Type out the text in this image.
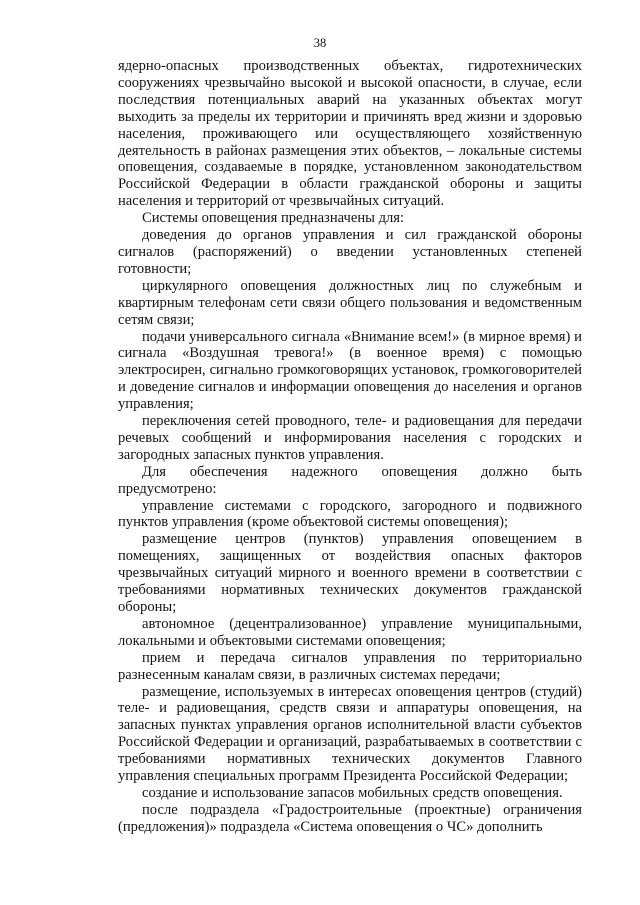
38

ядерно-опасных производственных объектах, гидротехнических сооружениях чрезвычайно высокой и высокой опасности, в случае, если последствия потенциальных аварий на указанных объектах могут выходить за пределы их территории и причинять вред жизни и здоровью населения, проживающего или осуществляющего хозяйственную деятельность в районах размещения этих объектов, – локальные системы оповещения, создаваемые в порядке, установленном законодательством Российской Федерации в области гражданской обороны и защиты населения и территорий от чрезвычайных ситуаций.

Системы оповещения предназначены для:

доведения до органов управления и сил гражданской обороны сигналов (распоряжений) о введении установленных степеней готовности;

циркулярного оповещения должностных лиц по служебным и квартирным телефонам сети связи общего пользования и ведомственным сетям связи;

подачи универсального сигнала «Внимание всем!» (в мирное время) и сигнала «Воздушная тревога!» (в военное время) с помощью электросирен, сигнально громкоговорящих установок, громкоговорителей и доведение сигналов и информации оповещения до населения и органов управления;

переключения сетей проводного, теле- и радиовещания для передачи речевых сообщений и информирования населения с городских и загородных запасных пунктов управления.

Для обеспечения надежного оповещения должно быть предусмотрено:

управление системами с городского, загородного и подвижного пунктов управления (кроме объектовой системы оповещения);

размещение центров (пунктов) управления оповещением в помещениях, защищенных от воздействия опасных факторов чрезвычайных ситуаций мирного и военного времени в соответствии с требованиями нормативных технических документов гражданской обороны;

автономное (децентрализованное) управление муниципальными, локальными и объектовыми системами оповещения;

прием и передача сигналов управления по территориально разнесенным каналам связи, в различных системах передачи;

размещение, используемых в интересах оповещения центров (студий) теле- и радиовещания, средств связи и аппаратуры оповещения, на запасных пунктах управления органов исполнительной власти субъектов Российской Федерации и организаций, разрабатываемых в соответствии с требованиями нормативных технических документов Главного управления специальных программ Президента Российской Федерации;

создание и использование запасов мобильных средств оповещения.

после подраздела «Градостроительные (проектные) ограничения (предложения)» подраздела «Система оповещения о ЧС» дополнить
